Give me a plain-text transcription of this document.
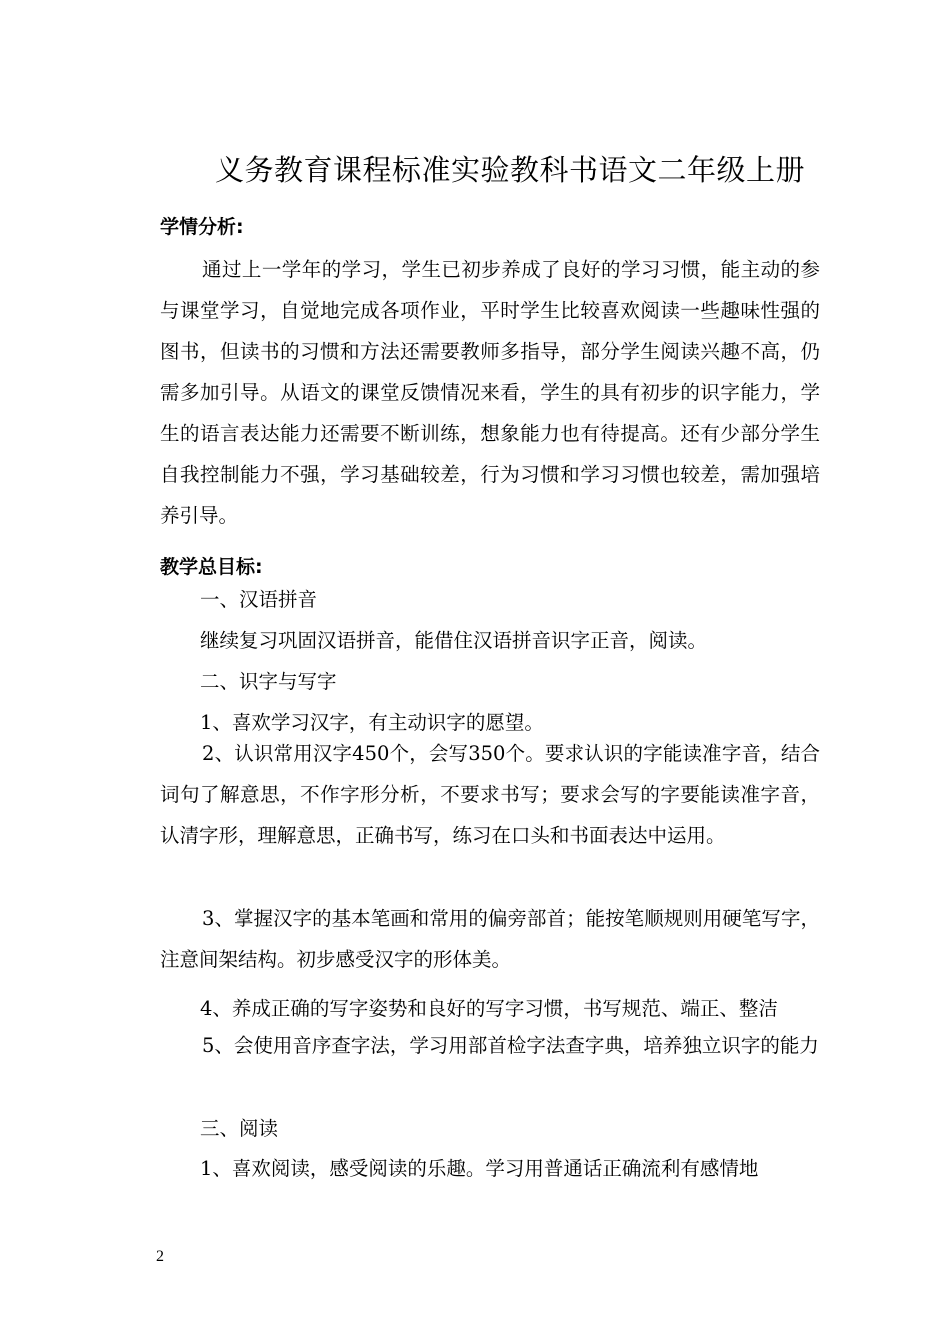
义务教育课程标准实验教科书语文二年级上册
学情分析:
通过上一学年的学习，学生已初步养成了良好的学习习惯，能主动的参与课堂学习，自觉地完成各项作业，平时学生比较喜欢阅读一些趣味性强的图书，但读书的习惯和方法还需要教师多指导，部分学生阅读兴趣不高，仍需多加引导。从语文的课堂反馈情况来看，学生的具有初步的识字能力，学生的语言表达能力还需要不断训练，想象能力也有待提高。还有少部分学生自我控制能力不强，学习基础较差，行为习惯和学习习惯也较差，需加强培养引导。
教学总目标:
一、汉语拼音
继续复习巩固汉语拼音，能借住汉语拼音识字正音，阅读。
二、识字与写字
1、喜欢学习汉字，有主动识字的愿望。
2、认识常用汉字450个，会写350个。要求认识的字能读准字音，结合词句了解意思，不作字形分析，不要求书写；要求会写的字要能读准字音，认清字形，理解意思，正确书写，练习在口头和书面表达中运用。
3、掌握汉字的基本笔画和常用的偏旁部首；能按笔顺规则用硬笔写字，注意间架结构。初步感受汉字的形体美。
4、养成正确的写字姿势和良好的写字习惯，书写规范、端正、整洁
5、会使用音序查字法，学习用部首检字法查字典，培养独立识字的能力
三、阅读
1、喜欢阅读，感受阅读的乐趣。学习用普通话正确流利有感情地
2
